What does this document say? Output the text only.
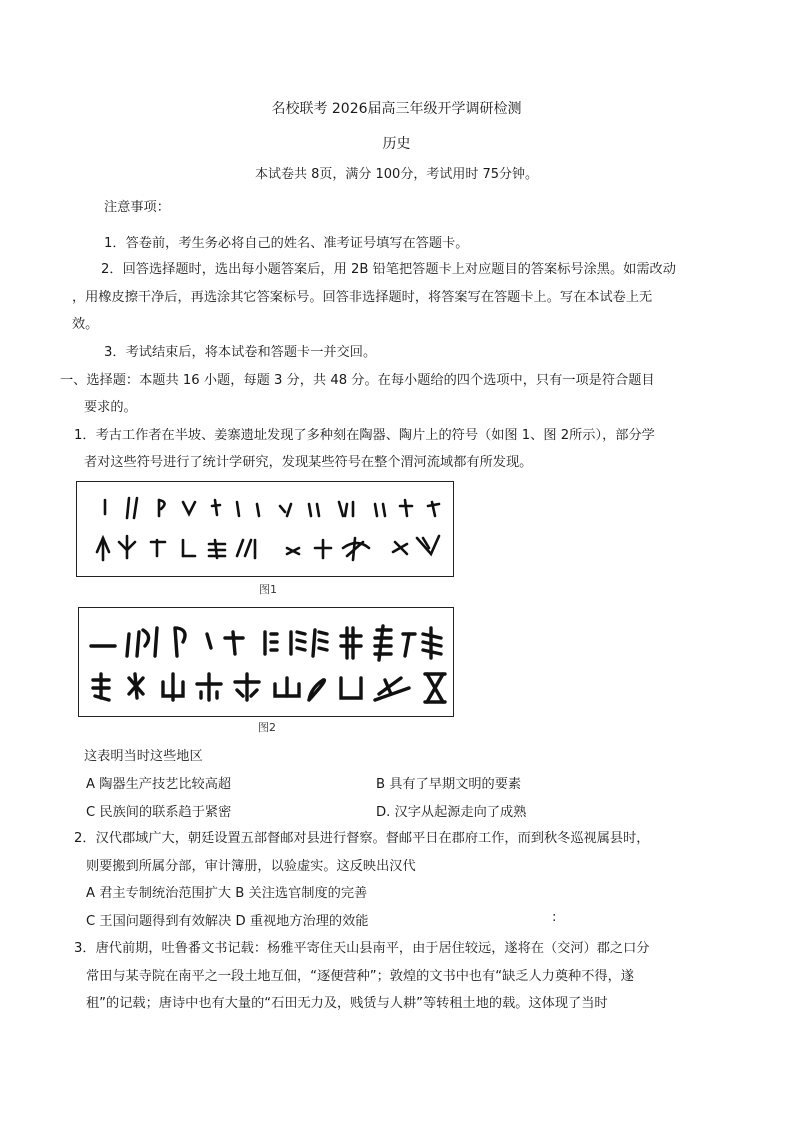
名校联考 2026届高三年级开学调研检测
历史
本试卷共 8页，满分 100分，考试用时 75分钟。
注意事项：
1．答卷前，考生务必将自己的姓名、准考证号填写在答题卡。
2．回答选择题时，选出每小题答案后，用 2B 铅笔把答题卡上对应题目的答案标号涂黑。如需改动
，用橡皮擦干净后，再选涂其它答案标号。回答非选择题时，将答案写在答题卡上。写在本试卷上无
效。
3．考试结束后，将本试卷和答题卡一并交回。
一、选择题：本题共 16 小题，每题 3 分，共 48 分。在每小题给的四个选项中，只有一项是符合题目
要求的。
1．考古工作者在半坡、姜寨遗址发现了多种刻在陶器、陶片上的符号（如图 1、图 2所示），部分学
者对这些符号进行了统计学研究，发现某些符号在整个渭河流域都有所发现。
图1
图2
这表明当时这些地区
A 陶器生产技艺比较高超	B 具有了早期文明的要素
C 民族间的联系趋于紧密	D. 汉字从起源走向了成熟
2．汉代郡域广大，朝廷设置五部督邮对县进行督察。督邮平日在郡府工作，而到秋冬巡视属县时，
则要搬到所属分部，审计簿册，以验虚实。这反映出汉代
A 君主专制统治范围扩大 B 关注选官制度的完善
C 王国问题得到有效解决 D 重视地方治理的效能	:
3．唐代前期，吐鲁番文书记载：杨雅平寄住天山县南平，由于居住较远，遂将在（交河）郡之口分
常田与某寺院在南平之一段土地互佃，“逐便营种”；敦煌的文书中也有“缺乏人力奠种不得，遂
租”的记载；唐诗中也有大量的“石田无力及，贱赁与人耕”等转租土地的载。这体现了当时
